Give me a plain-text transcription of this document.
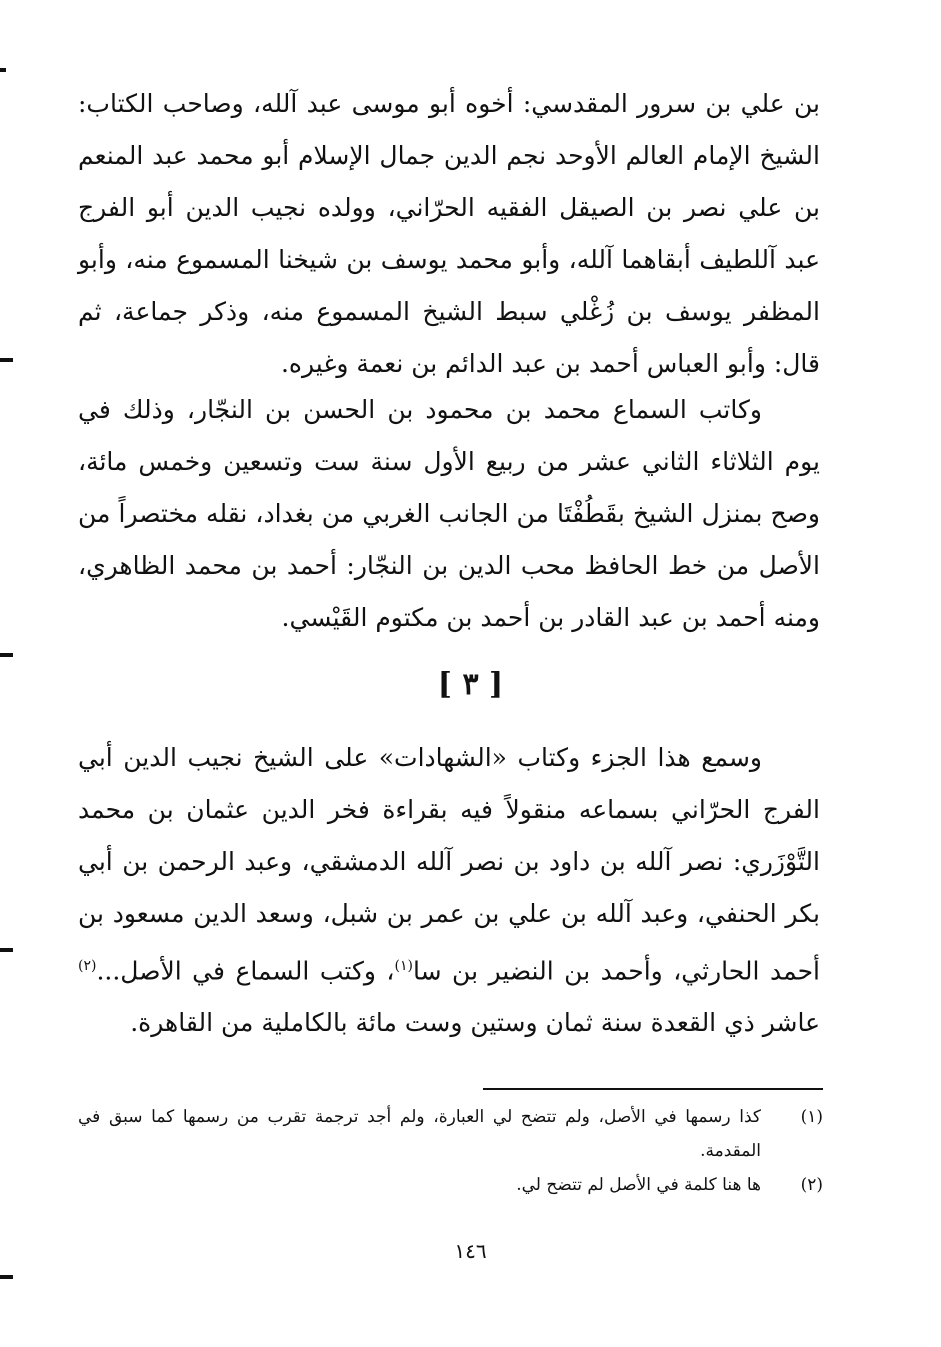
بن علي بن سرور المقدسي: أخوه أبو موسى عبد آلله، وصاحب الكتاب: الشيخ الإمام العالم الأوحد نجم الدين جمال الإسلام أبو محمد عبد المنعم بن علي نصر بن الصيقل الفقيه الحرّاني، وولده نجيب الدين أبو الفرج عبد آللطيف أبقاهما آلله، وأبو محمد يوسف بن شيخنا المسموع منه، وأبو المظفر يوسف بن زُغْلي سبط الشيخ المسموع منه، وذكر جماعة، ثم قال: وأبو العباس أحمد بن عبد الدائم بن نعمة وغيره.

وكاتب السماع محمد بن محمود بن الحسن بن النجّار، وذلك في يوم الثلاثاء الثاني عشر من ربيع الأول سنة ست وتسعين وخمس مائة، وصح بمنزل الشيخ بقَطُفْتَا من الجانب الغربي من بغداد، نقله مختصراً من الأصل من خط الحافظ محب الدين بن النجّار: أحمد بن محمد الظاهري، ومنه أحمد بن عبد القادر بن أحمد بن مكتوم القَيْسي.

[ ٣ ]

وسمع هذا الجزء وكتاب «الشهادات» على الشيخ نجيب الدين أبي الفرج الحرّاني بسماعه منقولاً فيه بقراءة فخر الدين عثمان بن محمد التَّوْزَري: نصر آلله بن داود بن نصر آلله الدمشقي، وعبد الرحمن بن أبي بكر الحنفي، وعبد آلله بن علي بن عمر بن شبل، وسعد الدين مسعود بن أحمد الحارثي، وأحمد بن النضير بن سا$^{(١)}$، وكتب السماع في الأصل...$^{(٢)}$ عاشر ذي القعدة سنة ثمان وستين وست مائة بالكاملية من القاهرة.

(١)
كذا رسمها في الأصل، ولم تتضح لي العبارة، ولم أجد ترجمة تقرب من رسمها كما سبق في المقدمة.
(٢)
ها هنا كلمة في الأصل لم تتضح لي.
١٤٦
